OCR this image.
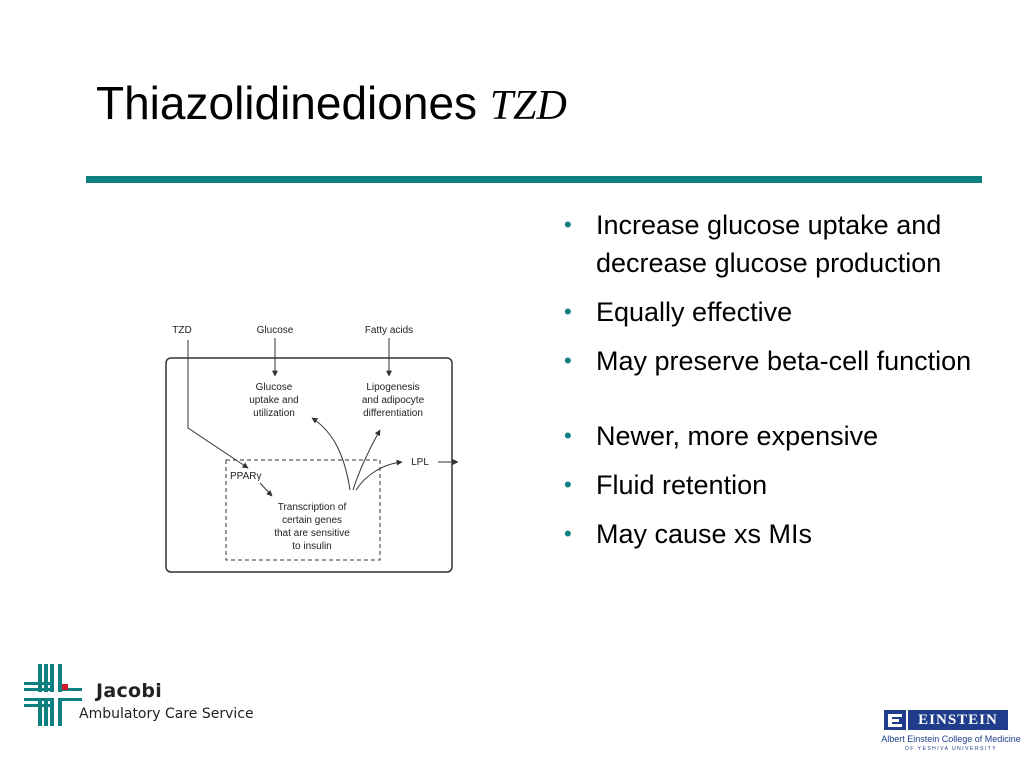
Thiazolidinediones TZD
• Increase glucose uptake and decrease glucose production
• Equally effective
• May preserve beta-cell function
• Newer, more expensive
• Fluid retention
• May cause xs MIs
TZD	Glucose	Fatty acids
Glucose
uptake and
utilization
Lipogenesis
and adipocyte
differentiation
LPL
PPARγ
Transcription of
certain genes
that are sensitive
to insulin
Jacobi
Ambulatory Care Service	EINSTEIN
Albert Einstein College of Medicine
OF YESHIVA UNIVERSITY
